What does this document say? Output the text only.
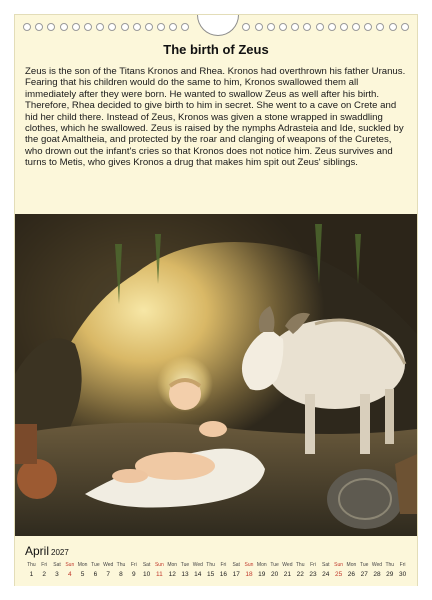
The birth of Zeus
Zeus is the son of the Titans Kronos and Rhea. Kronos had overthrown his father Uranus. Fearing that his children would do the same to him, Kronos swallowed them all immediately after they were born. He wanted to swallow Zeus as well after his birth. Therefore, Rhea decided to give birth to him in secret. She went to a cave on Crete and hid her child there. Instead of Zeus, Kronos was given a stone wrapped in swaddling clothes, which he swallowed. Zeus is raised by the nymphs Adrasteia and Ide, suckled by the goat Amaltheia, and protected by the roar and clanging of weapons of the Curetes, who drown out the infant's cries so that Kronos does not notice him. Zeus survives and turns to Metis, who gives Kronos a drug that makes him spit out Zeus' siblings.
April 2027
Thu
1
Fri
2
Sat
3
Sun
4
Mon
5
Tue
6
Wed
7
Thu
8
Fri
9
Sat
10
Sun
11
Mon
12
Tue
13
Wed
14
Thu
15
Fri
16
Sat
17
Sun
18
Mon
19
Tue
20
Wed
21
Thu
22
Fri
23
Sat
24
Sun
25
Mon
26
Tue
27
Wed
28
Thu
29
Fri
30
